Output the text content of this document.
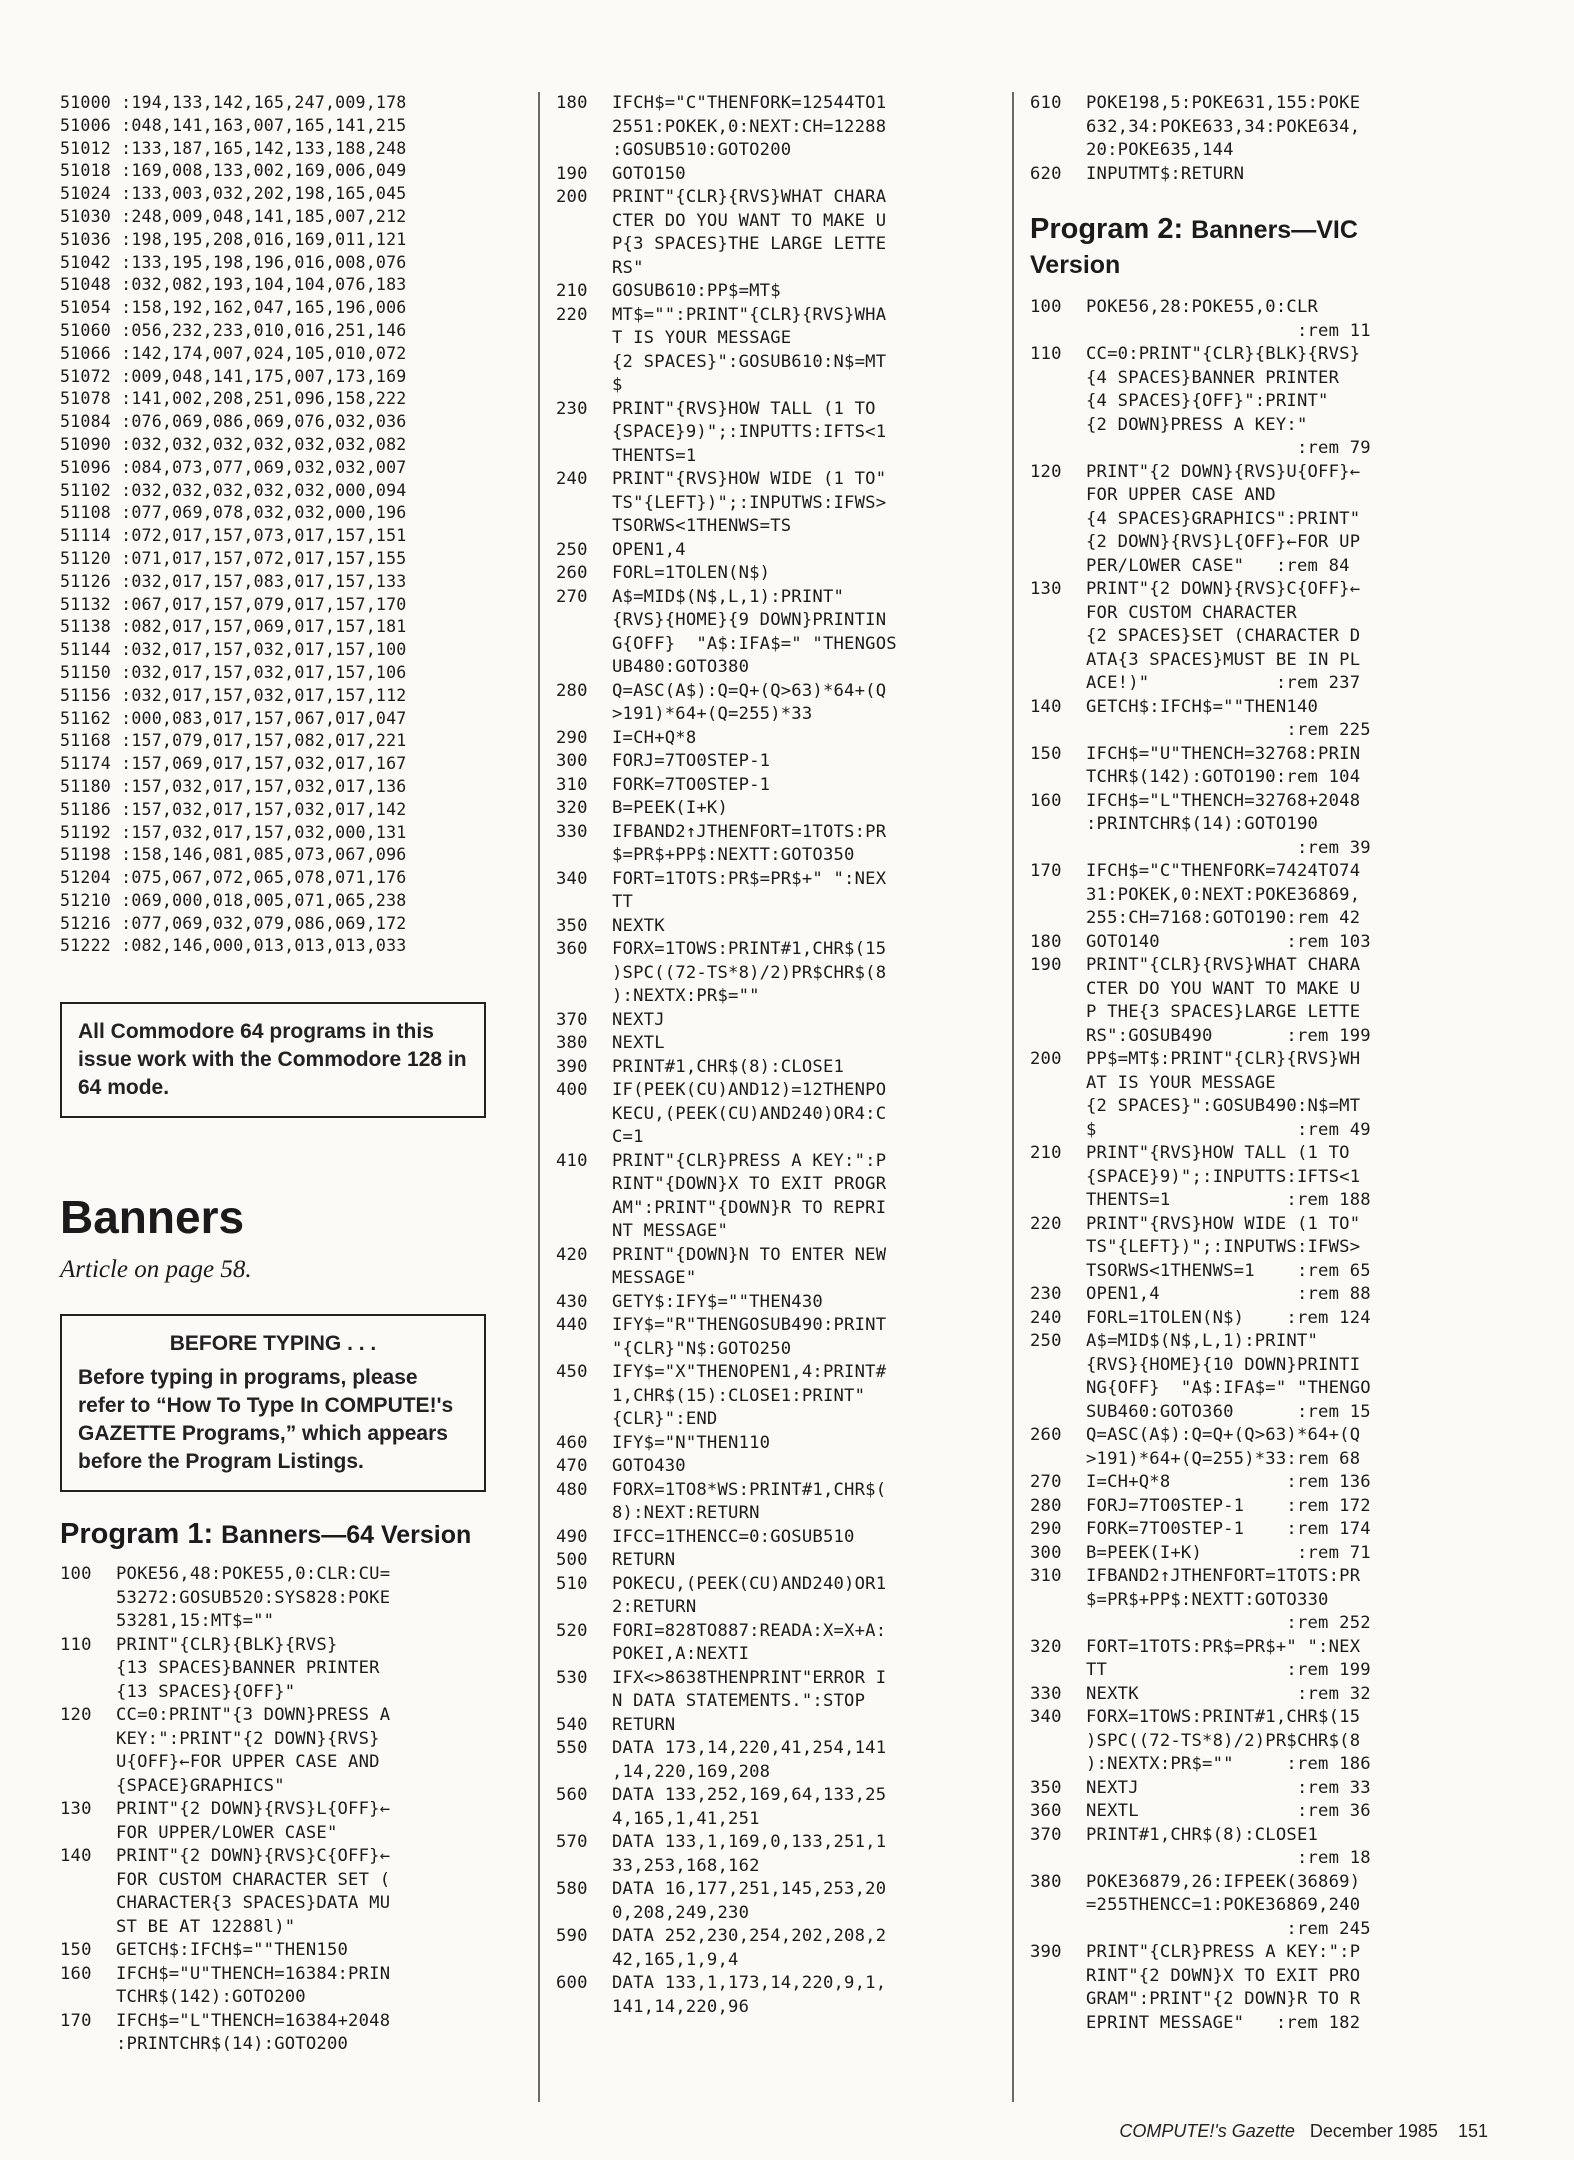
51000 :194,133,142,165,247,009,178
51006 :048,141,163,007,165,141,215
51012 :133,187,165,142,133,188,248
51018 :169,008,133,002,169,006,049
51024 :133,003,032,202,198,165,045
51030 :248,009,048,141,185,007,212
51036 :198,195,208,016,169,011,121
51042 :133,195,198,196,016,008,076
51048 :032,082,193,104,104,076,183
51054 :158,192,162,047,165,196,006
51060 :056,232,233,010,016,251,146
51066 :142,174,007,024,105,010,072
51072 :009,048,141,175,007,173,169
51078 :141,002,208,251,096,158,222
51084 :076,069,086,069,076,032,036
51090 :032,032,032,032,032,032,082
51096 :084,073,077,069,032,032,007
51102 :032,032,032,032,032,000,094
51108 :077,069,078,032,032,000,196
51114 :072,017,157,073,017,157,151
51120 :071,017,157,072,017,157,155
51126 :032,017,157,083,017,157,133
51132 :067,017,157,079,017,157,170
51138 :082,017,157,069,017,157,181
51144 :032,017,157,032,017,157,100
51150 :032,017,157,032,017,157,106
51156 :032,017,157,032,017,157,112
51162 :000,083,017,157,067,017,047
51168 :157,079,017,157,082,017,221
51174 :157,069,017,157,032,017,167
51180 :157,032,017,157,032,017,136
51186 :157,032,017,157,032,017,142
51192 :157,032,017,157,032,000,131
51198 :158,146,081,085,073,067,096
51204 :075,067,072,065,078,071,176
51210 :069,000,018,005,071,065,238
51216 :077,069,032,079,086,069,172
51222 :082,146,000,013,013,013,033
All Commodore 64 programs in this issue work with the Commodore 128 in 64 mode.
Banners

Article on page 58.

BEFORE TYPING . . .
Before typing in programs, please refer to “How To Type In COMPUTE!'s GAZETTE Programs,” which appears before the Program Listings.
Program 1: Banners—64 Version
100 POKE56,48:POKE55,0:CLR:CU=
53272:GOSUB520:SYS828:POKE
53281,15:MT$=""
110 PRINT"{CLR}{BLK}{RVS}
{13 SPACES}BANNER PRINTER
{13 SPACES}{OFF}"
120 CC=0:PRINT"{3 DOWN}PRESS A
KEY:":PRINT"{2 DOWN}{RVS}
U{OFF}←FOR UPPER CASE AND
{SPACE}GRAPHICS"
130 PRINT"{2 DOWN}{RVS}L{OFF}←
FOR UPPER/LOWER CASE"
140 PRINT"{2 DOWN}{RVS}C{OFF}←
FOR CUSTOM CHARACTER SET (
CHARACTER{3 SPACES}DATA MU
ST BE AT 12288l)"
150 GETCH$:IFCH$=""THEN150
160 IFCH$="U"THENCH=16384:PRIN
TCHR$(142):GOTO200
170 IFCH$="L"THENCH=16384+2048
:PRINTCHR$(14):GOTO200
180 IFCH$="C"THENFORK=12544TO1
2551:POKEK,0:NEXT:CH=12288
:GOSUB510:GOTO200
190 GOTO150
200 PRINT"{CLR}{RVS}WHAT CHARA
CTER DO YOU WANT TO MAKE U
P{3 SPACES}THE LARGE LETTE
RS"
210 GOSUB610:PP$=MT$
220 MT$="":PRINT"{CLR}{RVS}WHA
T IS YOUR MESSAGE
{2 SPACES}":GOSUB610:N$=MT
$
230 PRINT"{RVS}HOW TALL (1 TO
{SPACE}9)";:INPUTTS:IFTS<1
THENTS=1
240 PRINT"{RVS}HOW WIDE (1 TO"
TS"{LEFT})";:INPUTWS:IFWS>
TSORWS<1THENWS=TS
250 OPEN1,4
260 FORL=1TOLEN(N$)
270 A$=MID$(N$,L,1):PRINT"
{RVS}{HOME}{9 DOWN}PRINTIN
G{OFF}  "A$:IFA$=" "THENGOS
UB480:GOTO380
280 Q=ASC(A$):Q=Q+(Q>63)*64+(Q
>191)*64+(Q=255)*33
290 I=CH+Q*8
300 FORJ=7TO0STEP-1
310 FORK=7TO0STEP-1
320 B=PEEK(I+K)
330 IFBAND2↑JTHENFORT=1TOTS:PR
$=PR$+PP$:NEXTT:GOTO350
340 FORT=1TOTS:PR$=PR$+" ":NEX
TT
350 NEXTK
360 FORX=1TOWS:PRINT#1,CHR$(15
)SPC((72-TS*8)/2)PR$CHR$(8
):NEXTX:PR$=""
370 NEXTJ
380 NEXTL
390 PRINT#1,CHR$(8):CLOSE1
400 IF(PEEK(CU)AND12)=12THENPO
KECU,(PEEK(CU)AND240)OR4:C
C=1
410 PRINT"{CLR}PRESS A KEY:":P
RINT"{DOWN}X TO EXIT PROGR
AM":PRINT"{DOWN}R TO REPRI
NT MESSAGE"
420 PRINT"{DOWN}N TO ENTER NEW
MESSAGE"
430 GETY$:IFY$=""THEN430
440 IFY$="R"THENGOSUB490:PRINT
"{CLR}"N$:GOTO250
450 IFY$="X"THENOPEN1,4:PRINT#
1,CHR$(15):CLOSE1:PRINT"
{CLR}":END
460 IFY$="N"THEN110
470 GOTO430
480 FORX=1TO8*WS:PRINT#1,CHR$(
8):NEXT:RETURN
490 IFCC=1THENCC=0:GOSUB510
500 RETURN
510 POKECU,(PEEK(CU)AND240)OR1
2:RETURN
520 FORI=828TO887:READA:X=X+A:
POKEI,A:NEXTI
530 IFX<>8638THENPRINT"ERROR I
N DATA STATEMENTS.":STOP
540 RETURN
550 DATA 173,14,220,41,254,141
,14,220,169,208
560 DATA 133,252,169,64,133,25
4,165,1,41,251
570 DATA 133,1,169,0,133,251,1
33,253,168,162
580 DATA 16,177,251,145,253,20
0,208,249,230
590 DATA 252,230,254,202,208,2
42,165,1,9,4
600 DATA 133,1,173,14,220,9,1,
141,14,220,96
610 POKE198,5:POKE631,155:POKE
632,34:POKE633,34:POKE634,
20:POKE635,144
620 INPUTMT$:RETURN
Program 2: Banners—VIC
Version
100 POKE56,28:POKE55,0:CLR
:rem 11
110 CC=0:PRINT"{CLR}{BLK}{RVS}
{4 SPACES}BANNER PRINTER
{4 SPACES}{OFF}":PRINT"
{2 DOWN}PRESS A KEY:"
:rem 79
120 PRINT"{2 DOWN}{RVS}U{OFF}←
FOR UPPER CASE AND
{4 SPACES}GRAPHICS":PRINT"
{2 DOWN}{RVS}L{OFF}←FOR UP
PER/LOWER CASE"   :rem 84
130 PRINT"{2 DOWN}{RVS}C{OFF}←
FOR CUSTOM CHARACTER
{2 SPACES}SET (CHARACTER D
ATA{3 SPACES}MUST BE IN PL
ACE!)"            :rem 237
140 GETCH$:IFCH$=""THEN140
:rem 225
150 IFCH$="U"THENCH=32768:PRIN
TCHR$(142):GOTO190:rem 104
160 IFCH$="L"THENCH=32768+2048
:PRINTCHR$(14):GOTO190
:rem 39
170 IFCH$="C"THENFORK=7424TO74
31:POKEK,0:NEXT:POKE36869,
255:CH=7168:GOTO190:rem 42
180 GOTO140            :rem 103
190 PRINT"{CLR}{RVS}WHAT CHARA
CTER DO YOU WANT TO MAKE U
P THE{3 SPACES}LARGE LETTE
RS":GOSUB490       :rem 199
200 PP$=MT$:PRINT"{CLR}{RVS}WH
AT IS YOUR MESSAGE
{2 SPACES}":GOSUB490:N$=MT
$                   :rem 49
210 PRINT"{RVS}HOW TALL (1 TO
{SPACE}9)";:INPUTTS:IFTS<1
THENTS=1           :rem 188
220 PRINT"{RVS}HOW WIDE (1 TO"
TS"{LEFT})";:INPUTWS:IFWS>
TSORWS<1THENWS=1    :rem 65
230 OPEN1,4             :rem 88
240 FORL=1TOLEN(N$)    :rem 124
250 A$=MID$(N$,L,1):PRINT"
{RVS}{HOME}{10 DOWN}PRINTI
NG{OFF}  "A$:IFA$=" "THENGO
SUB460:GOTO360      :rem 15
260 Q=ASC(A$):Q=Q+(Q>63)*64+(Q
>191)*64+(Q=255)*33:rem 68
270 I=CH+Q*8           :rem 136
280 FORJ=7TO0STEP-1    :rem 172
290 FORK=7TO0STEP-1    :rem 174
300 B=PEEK(I+K)         :rem 71
310 IFBAND2↑JTHENFORT=1TOTS:PR
$=PR$+PP$:NEXTT:GOTO330
:rem 252
320 FORT=1TOTS:PR$=PR$+" ":NEX
TT                 :rem 199
330 NEXTK               :rem 32
340 FORX=1TOWS:PRINT#1,CHR$(15
)SPC((72-TS*8)/2)PR$CHR$(8
):NEXTX:PR$=""     :rem 186
350 NEXTJ               :rem 33
360 NEXTL               :rem 36
370 PRINT#1,CHR$(8):CLOSE1
:rem 18
380 POKE36879,26:IFPEEK(36869)
=255THENCC=1:POKE36869,240
:rem 245
390 PRINT"{CLR}PRESS A KEY:":P
RINT"{2 DOWN}X TO EXIT PRO
GRAM":PRINT"{2 DOWN}R TO R
EPRINT MESSAGE"   :rem 182
COMPUTE!'s Gazette December 1985 151
